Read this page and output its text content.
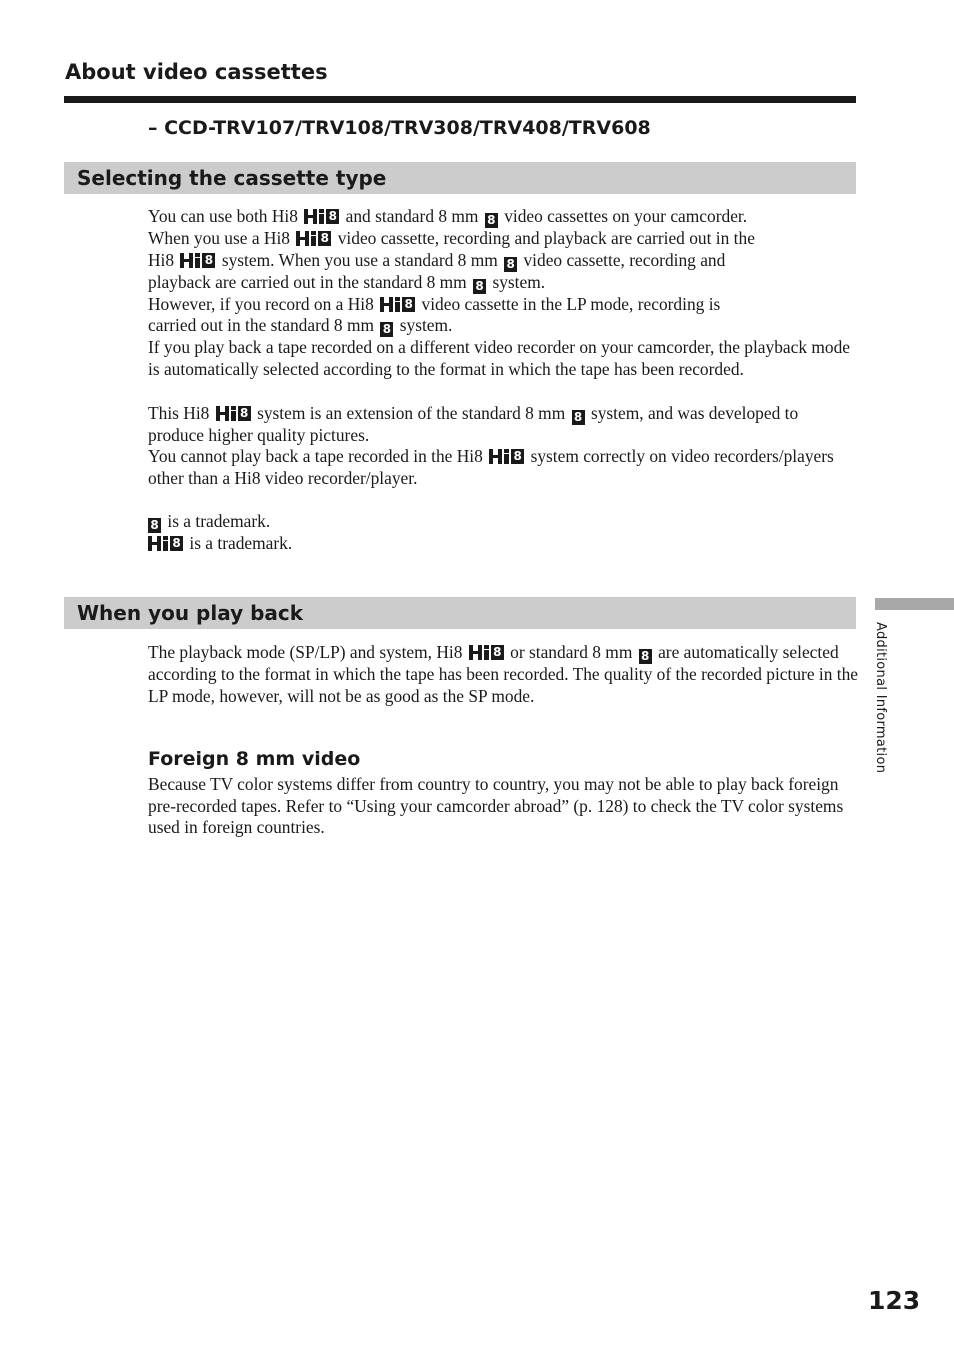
About video cassettes
– CCD-TRV107/TRV108/TRV308/TRV408/TRV608
Selecting the cassette type

You can use both Hi8	8 and standard 8 mm 8 video cassettes on your camcorder.
When you use a Hi8	8 video cassette, recording and playback are carried out in the
Hi8	8 system. When you use a standard 8 mm 8 video cassette, recording and
playback are carried out in the standard 8 mm 8 system.

However, if you record on a Hi8	8 video cassette in the LP mode, recording is
carried out in the standard 8 mm 8 system.

If you play back a tape recorded on a different video recorder on your camcorder, the playback mode is automatically selected according to the format in which the tape has been recorded.

This Hi8	8 system is an extension of the standard 8 mm 8 system, and was developed to produce higher quality pictures.

You cannot play back a tape recorded in the Hi8	8 system correctly on video recorders/players other than a Hi8 video recorder/player.

8 is a trademark.

8 is a trademark.

When you play back

The playback mode (SP/LP) and system, Hi8	8 or standard 8 mm 8 are automatically selected according to the format in which the tape has been recorded. The quality of the recorded picture in the LP mode, however, will not be as good as the SP mode.

Foreign 8 mm video

Because TV color systems differ from country to country, you may not be able to play back foreign pre-recorded tapes. Refer to “Using your camcorder abroad” (p. 128) to check the TV color systems used in foreign countries.

Additional Information
123
